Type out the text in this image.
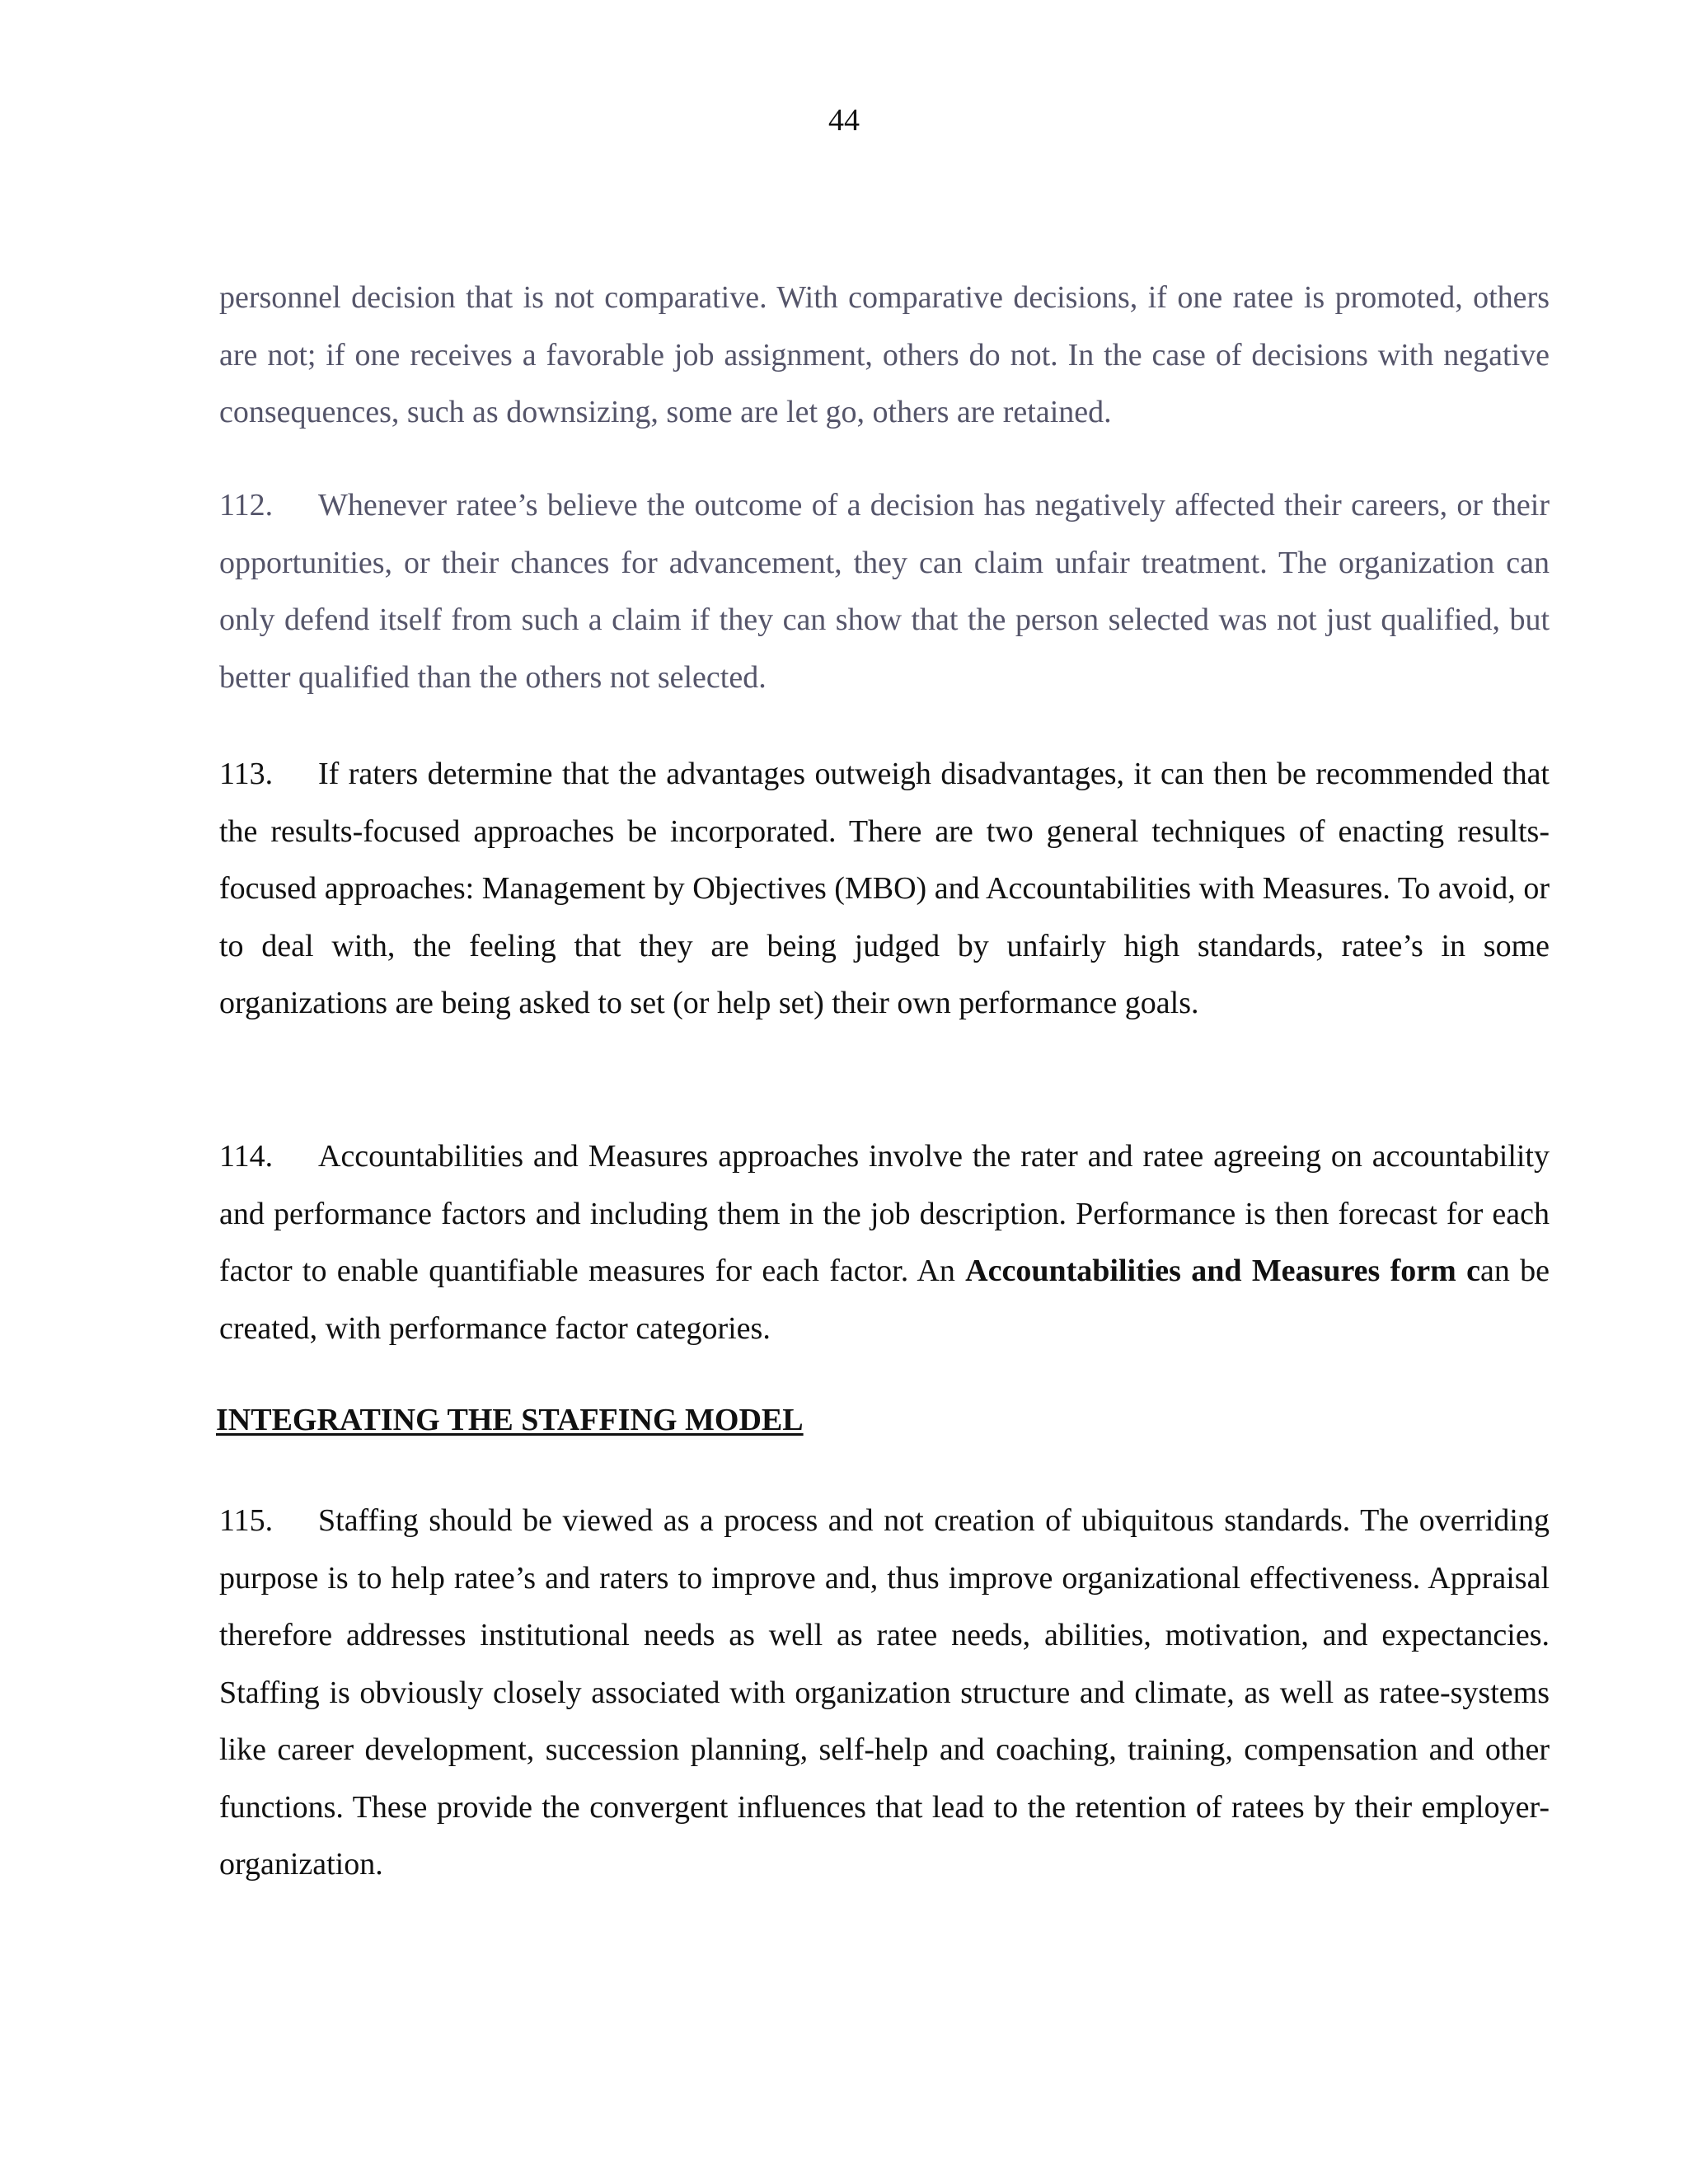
44

personnel decision that is not comparative. With comparative decisions, if one ratee is promoted, others are not; if one receives a favorable job assignment, others do not. In the case of decisions with negative consequences, such as downsizing, some are let go, others are retained.

112. Whenever ratee’s believe the outcome of a decision has negatively affected their careers, or their opportunities, or their chances for advancement, they can claim unfair treatment. The organization can only defend itself from such a claim if they can show that the person selected was not just qualified, but better qualified than the others not selected.

113. If raters determine that the advantages outweigh disadvantages, it can then be recommended that the results-focused approaches be incorporated. There are two general techniques of enacting results-focused approaches: Management by Objectives (MBO) and Accountabilities with Measures. To avoid, or to deal with, the feeling that they are being judged by unfairly high standards, ratee’s in some organizations are being asked to set (or help set) their own performance goals.

114. Accountabilities and Measures approaches involve the rater and ratee agreeing on accountability and performance factors and including them in the job description. Performance is then forecast for each factor to enable quantifiable measures for each factor. An Accountabilities and Measures form can be created, with performance factor categories.

INTEGRATING THE STAFFING MODEL

115. Staffing should be viewed as a process and not creation of ubiquitous standards. The overriding purpose is to help ratee’s and raters to improve and, thus improve organizational effectiveness. Appraisal therefore addresses institutional needs as well as ratee needs, abilities, motivation, and expectancies. Staffing is obviously closely associated with organization structure and climate, as well as ratee-systems like career development, succession planning, self-help and coaching, training, compensation and other functions. These provide the convergent influences that lead to the retention of ratees by their employer-organization.
